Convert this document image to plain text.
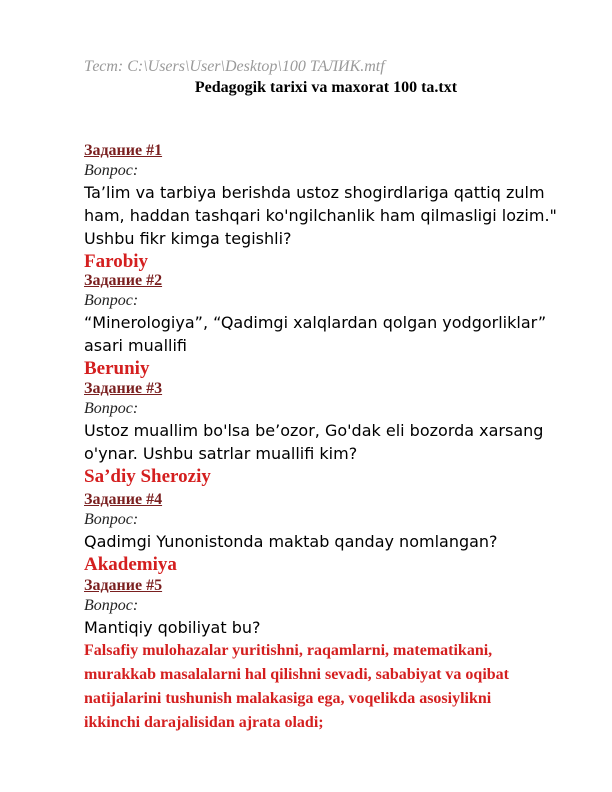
Тест: C:\Users\User\Desktop\100 ТАЛИК.mtf
Pedagogik tarixi va maxorat 100 ta.txt
Задание #1
Вопрос:
Ta’lim va tarbiya berishda ustoz shogirdlariga qattiq zulm
ham, haddan tashqari ko'ngilchanlik ham qilmasligi lozim."
Ushbu fikr kimga tegishli?
Farobiy
Задание #2
Вопрос:
“Minerologiya”, “Qadimgi xalqlardan qolgan yodgorliklar”
asari muallifi
Beruniy
Задание #3
Вопрос:
Ustoz muallim bo'lsa be’ozor, Go'dak eli bozorda xarsang
o'ynar. Ushbu satrlar muallifi kim?
Sa’diy Sheroziy
Задание #4
Вопрос:
Qadimgi Yunonistonda maktab qanday nomlangan?
Akademiya
Задание #5
Вопрос:
Mantiqiy qobiliyat bu?
Falsafiy mulohazalar yuritishni, raqamlarni, matematikani,
murakkab masalalarni hal qilishni sevadi, sababiyat va oqibat
natijalarini tushunish malakasiga ega, voqelikda asosiylikni
ikkinchi darajalisidan ajrata oladi;
